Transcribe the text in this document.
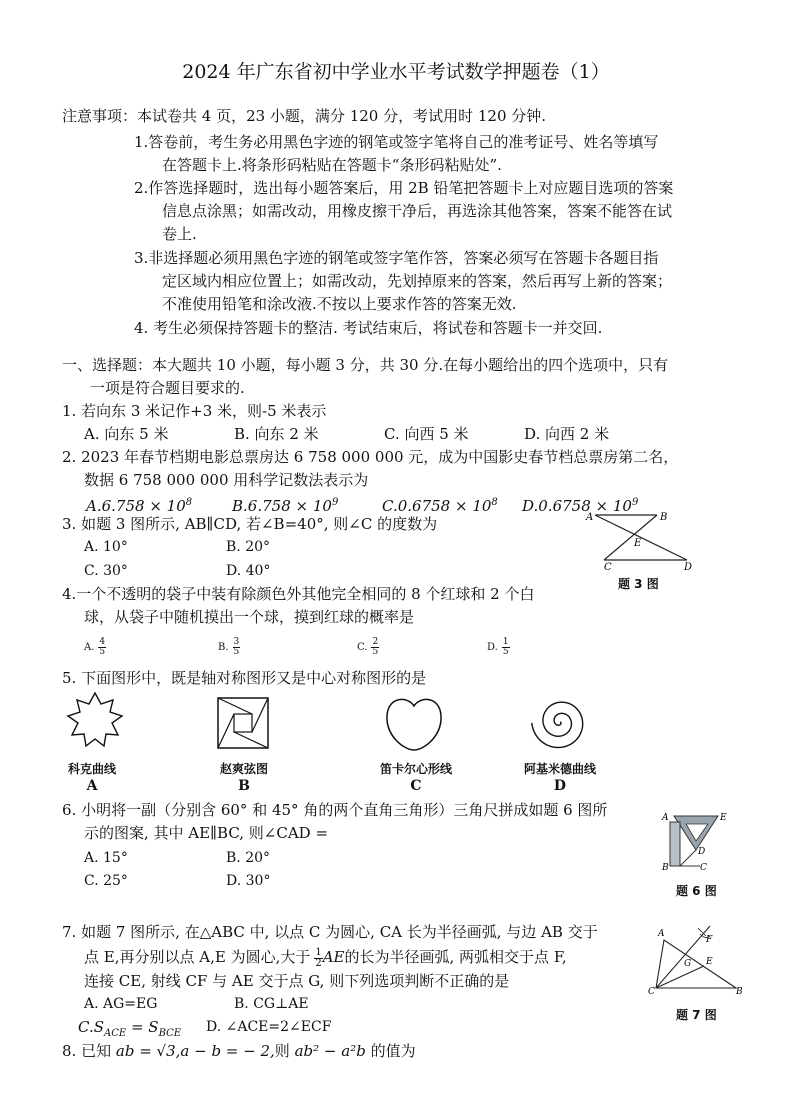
2024 年广东省初中学业水平考试数学押题卷（1）
注意事项：本试卷共 4 页，23 小题，满分 120 分，考试用时 120 分钟.
1.答卷前，考生务必用黑色字迹的钢笔或签字笔将自己的准考证号、姓名等填写
在答题卡上.将条形码粘贴在答题卡“条形码粘贴处”.
2.作答选择题时，选出每小题答案后，用 2B 铅笔把答题卡上对应题目选项的答案
信息点涂黑；如需改动，用橡皮擦干净后，再选涂其他答案，答案不能答在试
卷上.
3.非选择题必须用黑色字迹的钢笔或签字笔作答，答案必须写在答题卡各题目指
定区域内相应位置上；如需改动，先划掉原来的答案，然后再写上新的答案；
不准使用铅笔和涂改液.不按以上要求作答的答案无效.
4. 考生必须保持答题卡的整洁. 考试结束后，将试卷和答题卡一并交回.
一、选择题：本大题共 10 小题，每小题 3 分，共 30 分.在每小题给出的四个选项中，只有
一项是符合题目要求的.
1. 若向东 3 米记作+3 米，则-5 米表示
A. 向东 5 米	B. 向东 2 米	C. 向西 5 米	D. 向西 2 米
2. 2023 年春节档期电影总票房达 6 758 000 000 元，成为中国影史春节档总票房第二名，
数据 6 758 000 000 用科学记数法表示为
$A.6.758 \times 10^8$	$B.6.758 \times 10^9$	$C.0.6758 \times 10^8$ $D.0.6758 \times 10^9$
3. 如题 3 图所示, AB∥CD, 若∠B=40°, 则∠C 的度数为
A. 10°	B. 20°
C. 30°	D. 40°
A	B
E
C	D
题 3 图
4.一个不透明的袋子中装有除颜色外其他完全相同的 8 个红球和 2 个白
球，从袋子中随机摸出一个球，摸到红球的概率是
A. $\frac{4}{5}$	B. $\frac{3}{5}$	C. $\frac{2}{5}$	D. $\frac{1}{5}$
5. 下面图形中，既是轴对称图形又是中心对称图形的是
科克曲线
A
赵爽弦图
B
笛卡尔心形线
C
阿基米德曲线
D
6. 小明将一副（分别含 60° 和 45° 角的两个直角三角形）三角尺拼成如题 6 图所
示的图案, 其中 AE∥BC, 则∠CAD =
A. 15°	B. 20°
C. 25°	D. 30°
A	E
D
B	C
题 6 图
7. 如题 7 图所示, 在△ABC 中, 以点 C 为圆心, CA 长为半径画弧, 与边 AB 交于
点 E,再分别以点 A,E 为圆心,大于 $\frac{1}{2}$ AE的长为半径画弧, 两弧相交于点 F,
连接 CE, 射线 CF 与 AE 交于点 G, 则下列选项判断不正确的是
A. AG=EG	B. CG⊥AE
$C.S_{ACE} = S_{BCE}$ D. ∠ACE=2∠ECF
A
F
G E
C	B
题 7 图
8. 已知 ab = √3,a − b = − 2,则 ab² − a²b 的值为
